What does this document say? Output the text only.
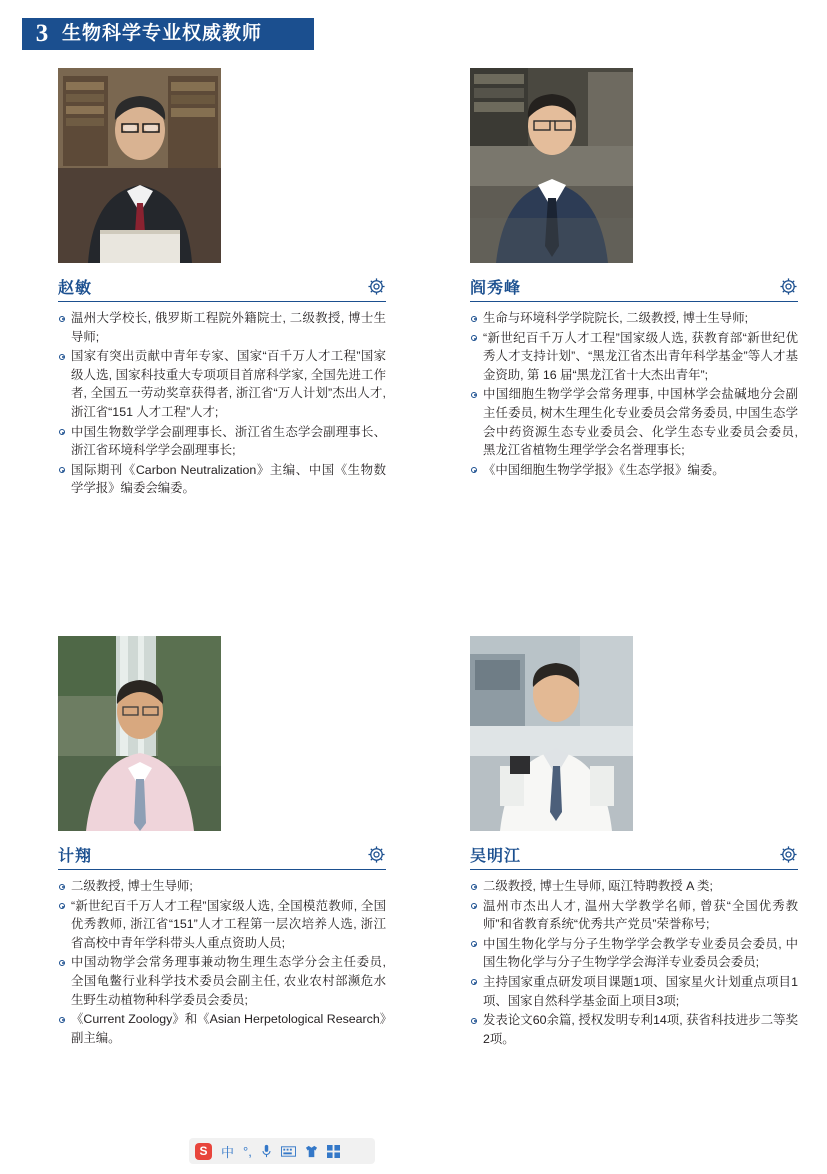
3 生物科学专业权威教师
赵敏
温州大学校长, 俄罗斯工程院外籍院士, 二级教授, 博士生导师;
国家有突出贡献中青年专家、国家“百千万人才工程”国家级人选, 国家科技重大专项项目首席科学家, 全国先进工作者, 全国五一劳动奖章获得者, 浙江省“万人计划”杰出人才, 浙江省“151 人才工程”人才;
中国生物数学学会副理事长、浙江省生态学会副理事长、浙江省环境科学学会副理事长;
国际期刊《Carbon Neutralization》主编、中国《生物数学学报》编委会编委。
阎秀峰
生命与环境科学学院院长, 二级教授, 博士生导师;
“新世纪百千万人才工程”国家级人选, 获教育部“新世纪优秀人才支持计划”、“黑龙江省杰出青年科学基金”等人才基金资助, 第 16 届“黑龙江省十大杰出青年”;
中国细胞生物学学会常务理事, 中国林学会盐碱地分会副主任委员, 树木生理生化专业委员会常务委员, 中国生态学会中药资源生态专业委员会、化学生态专业委员会委员, 黑龙江省植物生理学学会名誉理事长;
《中国细胞生物学学报》《生态学报》编委。
计翔
二级教授, 博士生导师;
“新世纪百千万人才工程”国家级人选, 全国模范教师, 全国优秀教师, 浙江省“151”人才工程第一层次培养人选, 浙江省高校中青年学科带头人重点资助人员;
中国动物学会常务理事兼动物生理生态学分会主任委员, 全国龟鳖行业科学技术委员会副主任, 农业农村部濒危水生野生动植物种科学委员会委员;
《Current Zoology》和《Asian Herpetological Research》副主编。
吴明江
二级教授, 博士生导师, 瓯江特聘教授 A 类;
温州市杰出人才, 温州大学教学名师, 曾获“全国优秀教师”和省教育系统“优秀共产党员”荣誉称号;
中国生物化学与分子生物学学会教学专业委员会委员, 中国生物化学与分子生物学学会海洋专业委员会委员;
主持国家重点研发项目课题1项、国家星火计划重点项目1项、国家自然科学基金面上项目3项;
发表论文60余篇, 授权发明专利14项, 获省科技进步二等奖2项。
S	中 °,
